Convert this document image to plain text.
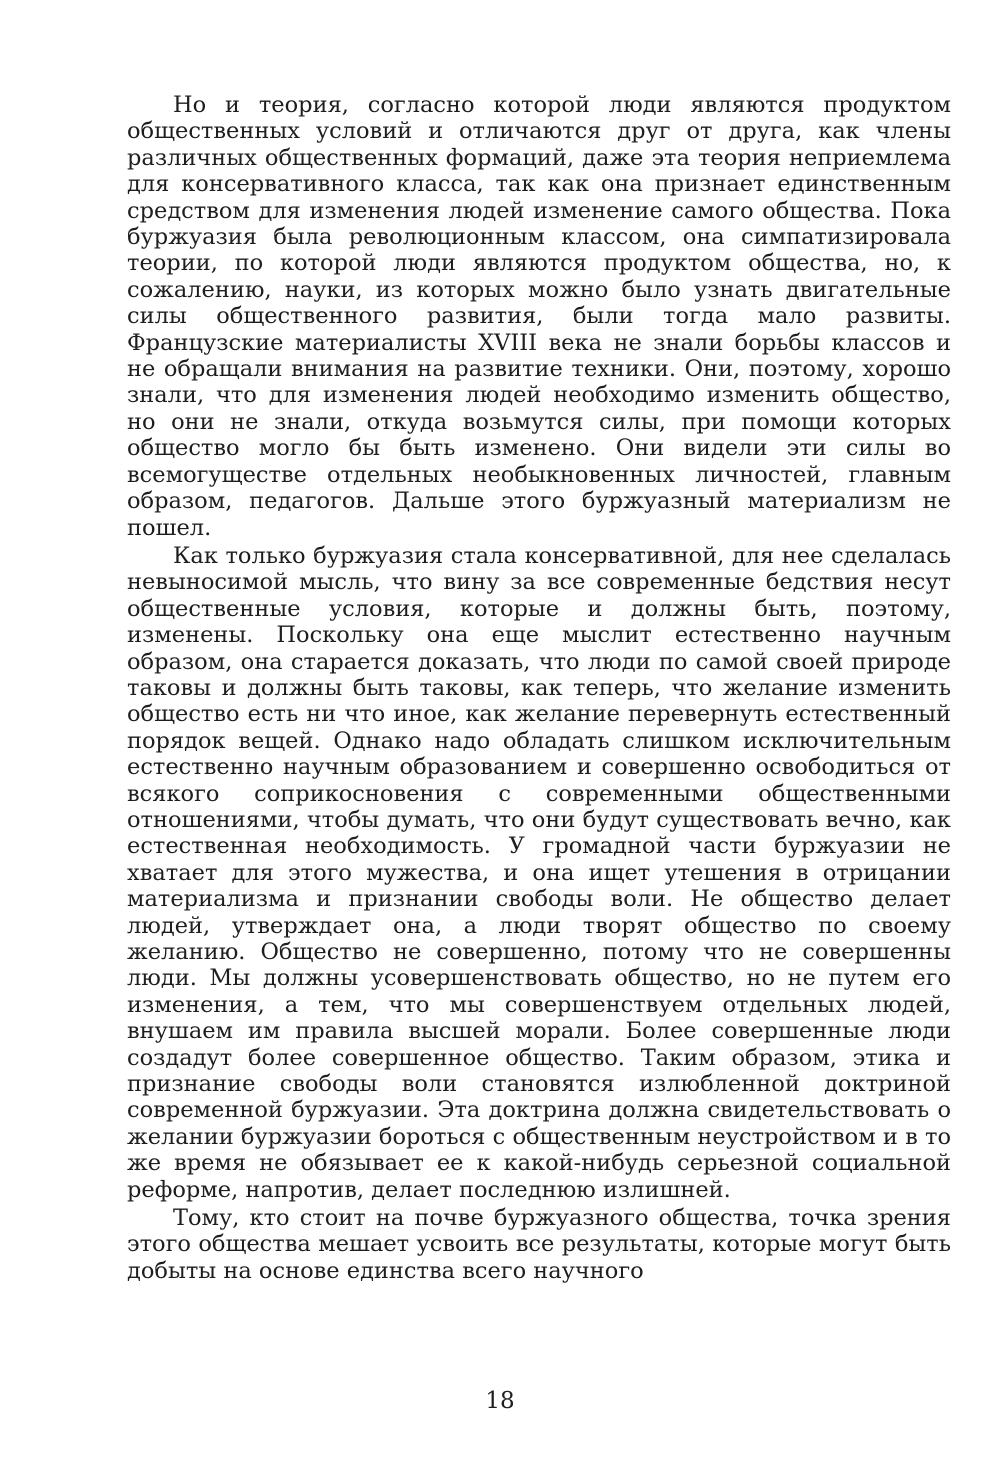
Но и теория, согласно которой люди являются продуктом общественных условий и отличаются друг от друга, как члены различных общественных формаций, даже эта теория неприемлема для консервативного класса, так как она признает единственным средством для изменения людей изменение самого общества. Пока буржуазия была революционным классом, она симпатизировала теории, по которой люди являются продуктом общества, но, к сожалению, науки, из которых можно было узнать двигательные силы общественного развития, были тогда мало развиты. Французские материалисты XVIII века не знали борьбы классов и не обращали внимания на развитие техники. Они, поэтому, хорошо знали, что для изменения людей необходимо изменить общество, но они не знали, откуда возьмутся силы, при помощи которых общество могло бы быть изменено. Они видели эти силы во всемогуществе отдельных необыкновенных личностей, главным образом, педагогов. Дальше этого буржуазный материализм не пошел.

Как только буржуазия стала консервативной, для нее сделалась невыносимой мысль, что вину за все современные бедствия несут общественные условия, которые и должны быть, поэтому, изменены. Поскольку она еще мыслит естественно научным образом, она старается доказать, что люди по самой своей природе таковы и должны быть таковы, как теперь, что желание изменить общество есть ни что иное, как желание перевернуть естественный порядок вещей. Однако надо обладать слишком исключительным естественно научным образованием и совершенно освободиться от всякого соприкосновения с современными общественными отношениями, чтобы думать, что они будут существовать вечно, как естественная необходимость. У громадной части буржуазии не хватает для этого мужества, и она ищет утешения в отрицании материализма и признании свободы воли. Не общество делает людей, утверждает она, а люди творят общество по своему желанию. Общество не совершенно, потому что не совершенны люди. Мы должны усовершенствовать общество, но не путем его изменения, а тем, что мы совершенствуем отдельных людей, внушаем им правила высшей морали. Более совершенные люди создадут более совершенное общество. Таким образом, этика и признание свободы воли становятся излюбленной доктриной современной буржуазии. Эта доктрина должна свидетельствовать о желании буржуазии бороться с общественным неустройством и в то же время не обязывает ее к какой-нибудь серьезной социальной реформе, напротив, делает последнюю излишней.

Тому, кто стоит на почве буржуазного общества, точка зрения этого общества мешает усвоить все результаты, которые могут быть добыты на основе единства всего научного

18
